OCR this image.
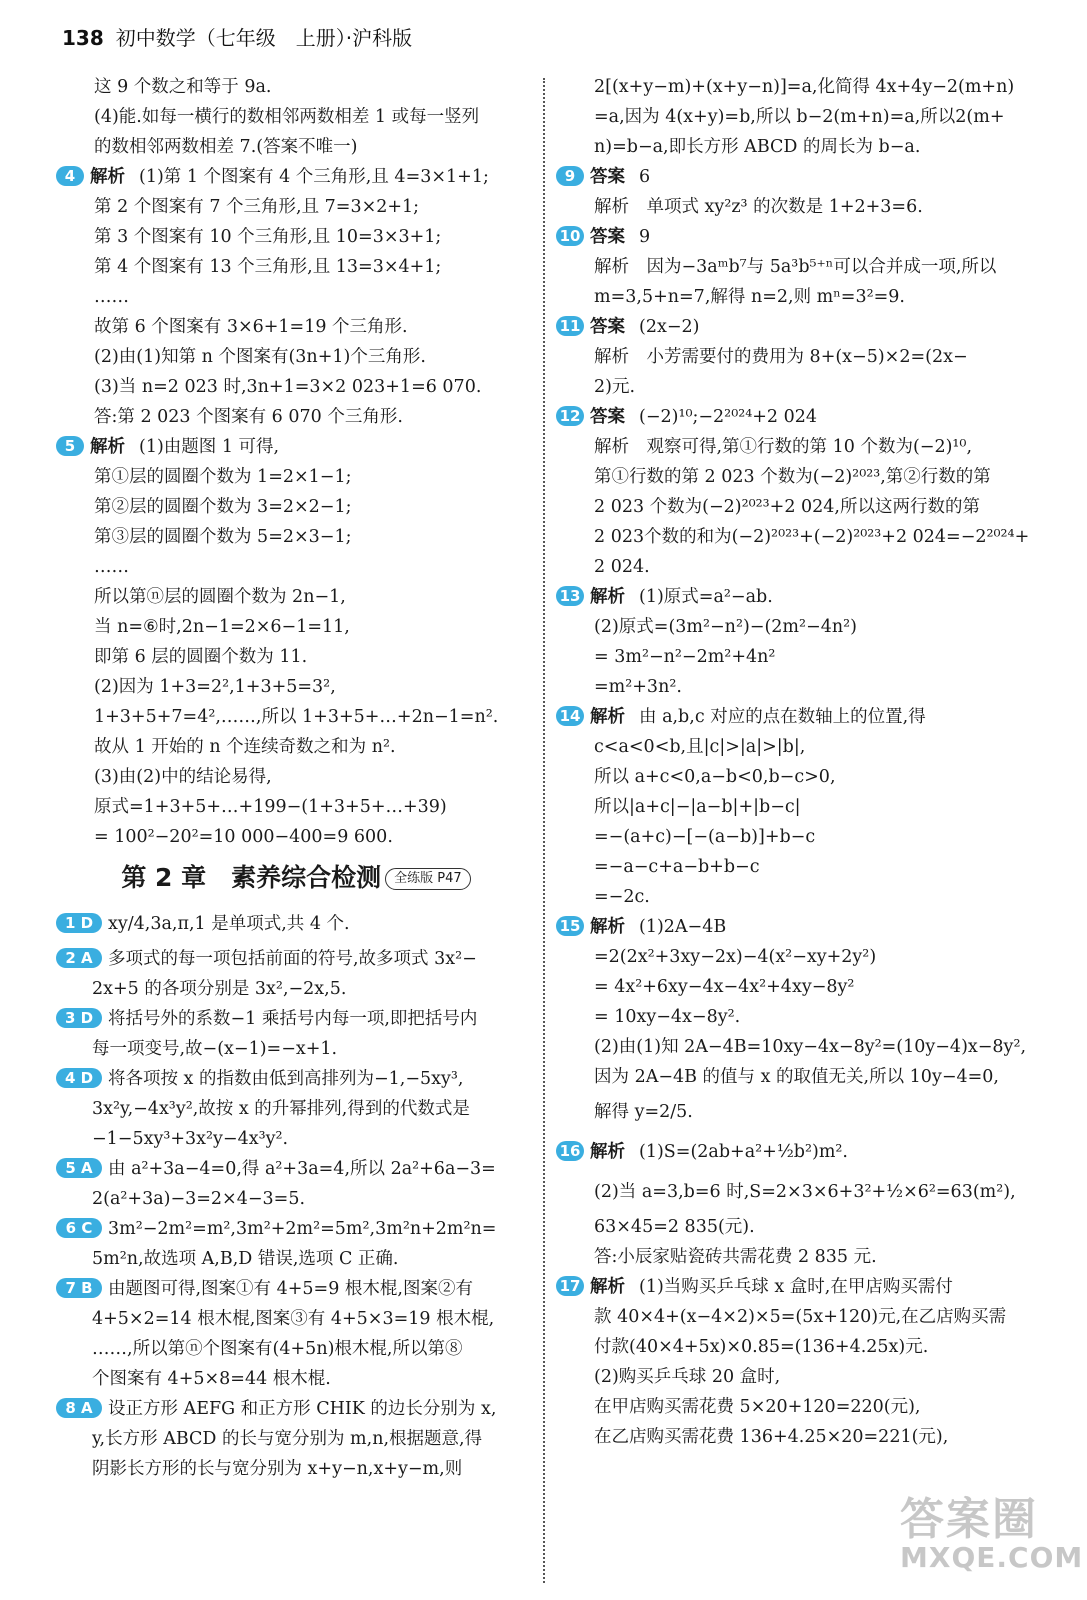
138 初中数学（七年级　上册）·沪科版
这 9 个数之和等于 9a.
(4)能.如每一横行的数相邻两数相差 1 或每一竖列
的数相邻两数相差 7.(答案不唯一)
4 解析 (1)第 1 个图案有 4 个三角形,且 4=3×1+1;
第 2 个图案有 7 个三角形,且 7=3×2+1;
第 3 个图案有 10 个三角形,且 10=3×3+1;
第 4 个图案有 13 个三角形,且 13=3×4+1;
……
故第 6 个图案有 3×6+1=19 个三角形.
(2)由(1)知第 n 个图案有(3n+1)个三角形.
(3)当 n=2 023 时,3n+1=3×2 023+1=6 070.
答:第 2 023 个图案有 6 070 个三角形.
5 解析 (1)由题图 1 可得,
第①层的圆圈个数为 1=2×1−1;
第②层的圆圈个数为 3=2×2−1;
第③层的圆圈个数为 5=2×3−1;
……
所以第ⓝ层的圆圈个数为 2n−1,
当 n=⑥时,2n−1=2×6−1=11,
即第 6 层的圆圈个数为 11.
(2)因为 1+3=2²,1+3+5=3²,
1+3+5+7=4²,……,所以 1+3+5+…+2n−1=n².
故从 1 开始的 n 个连续奇数之和为 n².
(3)由(2)中的结论易得,
原式=1+3+5+…+199−(1+3+5+…+39)
= 100²−20²=10 000−400=9 600.
第 2 章　素养综合检测 全练版 P47
1 D xy/4,3a,π,1 是单项式,共 4 个.
2 A 多项式的每一项包括前面的符号,故多项式 3x²−
2x+5 的各项分别是 3x²,−2x,5.
3 D 将括号外的系数−1 乘括号内每一项,即把括号内
每一项变号,故−(x−1)=−x+1.
4 D 将各项按 x 的指数由低到高排列为−1,−5xy³,
3x²y,−4x³y²,故按 x 的升幂排列,得到的代数式是
−1−5xy³+3x²y−4x³y².
5 A 由 a²+3a−4=0,得 a²+3a=4,所以 2a²+6a−3=
2(a²+3a)−3=2×4−3=5.
6 C 3m²−2m²=m²,3m²+2m²=5m²,3m²n+2m²n=
5m²n,故选项 A,B,D 错误,选项 C 正确.
7 B 由题图可得,图案①有 4+5=9 根木棍,图案②有
4+5×2=14 根木棍,图案③有 4+5×3=19 根木棍,
……,所以第ⓝ个图案有(4+5n)根木棍,所以第⑧
个图案有 4+5×8=44 根木棍.
8 A 设正方形 AEFG 和正方形 CHIK 的边长分别为 x,
y,长方形 ABCD 的长与宽分别为 m,n,根据题意,得
阴影长方形的长与宽分别为 x+y−n,x+y−m,则
2[(x+y−m)+(x+y−n)]=a,化简得 4x+4y−2(m+n)
=a,因为 4(x+y)=b,所以 b−2(m+n)=a,所以2(m+
n)=b−a,即长方形 ABCD 的周长为 b−a.
9 答案 6
解析　单项式 xy²z³ 的次数是 1+2+3=6.
10 答案 9
解析　因为−3aᵐb⁷与 5a³b⁵⁺ⁿ可以合并成一项,所以
m=3,5+n=7,解得 n=2,则 mⁿ=3²=9.
11 答案 (2x−2)
解析　小芳需要付的费用为 8+(x−5)×2=(2x−
2)元.
12 答案 (−2)¹⁰;−2²⁰²⁴+2 024
解析　观察可得,第①行数的第 10 个数为(−2)¹⁰,
第①行数的第 2 023 个数为(−2)²⁰²³,第②行数的第
2 023 个数为(−2)²⁰²³+2 024,所以这两行数的第
2 023个数的和为(−2)²⁰²³+(−2)²⁰²³+2 024=−2²⁰²⁴+
2 024.
13 解析 (1)原式=a²−ab.
(2)原式=(3m²−n²)−(2m²−4n²)
= 3m²−n²−2m²+4n²
=m²+3n².
14 解析 由 a,b,c 对应的点在数轴上的位置,得
c<a<0<b,且|c|>|a|>|b|,
所以 a+c<0,a−b<0,b−c>0,
所以|a+c|−|a−b|+|b−c|
=−(a+c)−[−(a−b)]+b−c
=−a−c+a−b+b−c
=−2c.
15 解析 (1)2A−4B
=2(2x²+3xy−2x)−4(x²−xy+2y²)
= 4x²+6xy−4x−4x²+4xy−8y²
= 10xy−4x−8y².
(2)由(1)知 2A−4B=10xy−4x−8y²=(10y−4)x−8y²,
因为 2A−4B 的值与 x 的取值无关,所以 10y−4=0,
解得 y=2/5.
16 解析 (1)S=(2ab+a²+½b²)m².
(2)当 a=3,b=6 时,S=2×3×6+3²+½×6²=63(m²),
63×45=2 835(元).
答:小辰家贴瓷砖共需花费 2 835 元.
17 解析 (1)当购买乒乓球 x 盒时,在甲店购买需付
款 40×4+(x−4×2)×5=(5x+120)元,在乙店购买需
付款(40×4+5x)×0.85=(136+4.25x)元.
(2)购买乒乓球 20 盒时,
在甲店购买需花费 5×20+120=220(元),
在乙店购买需花费 136+4.25×20=221(元),
答案圈
MXQE.COM
